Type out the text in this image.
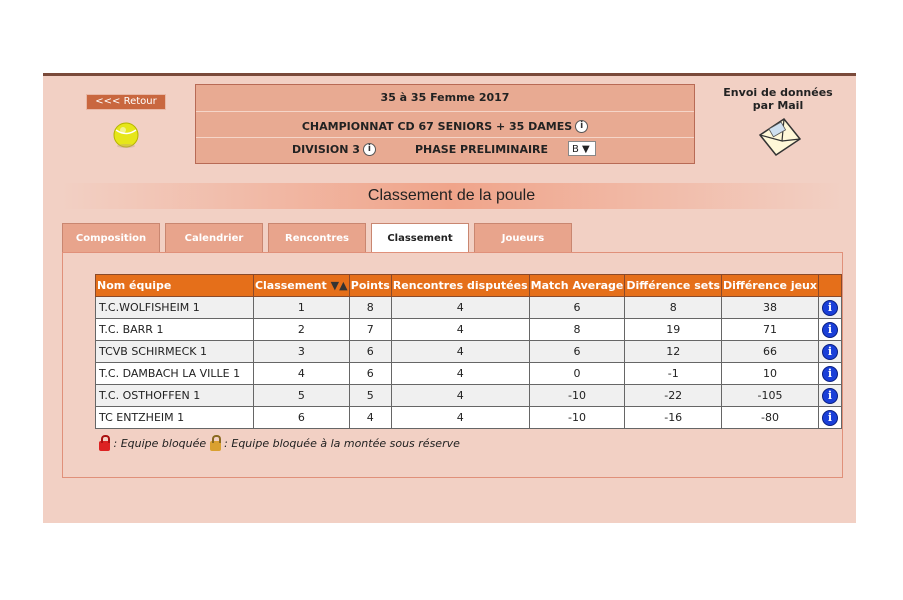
<<< Retour	35 à 35 Femme 2017
CHAMPIONNAT CD 67 SENIORS + 35 DAMES i
DIVISION 3 i	PHASE PRELIMINAIRE	B ▼
Envoi de données
par Mail
Classement de la poule
Composition	Calendrier	Rencontres	Classement	Joueurs
Nom équipe	Classement ▼▲	Points	Rencontres disputées	Match Average	Différence sets	Différence jeux	
T.C.WOLFISHEIM 1	1	8	4	6	8	38	i
T.C. BARR 1	2	7	4	8	19	71	i
TCVB SCHIRMECK 1	3	6	4	6	12	66	i
T.C. DAMBACH LA VILLE 1	4	6	4	0	-1	10	i
T.C. OSTHOFFEN 1	5	5	4	-10	-22	-105	i
TC ENTZHEIM 1	6	4	4	-10	-16	-80	i
: Equipe bloquée : Equipe bloquée à la montée sous réserve
